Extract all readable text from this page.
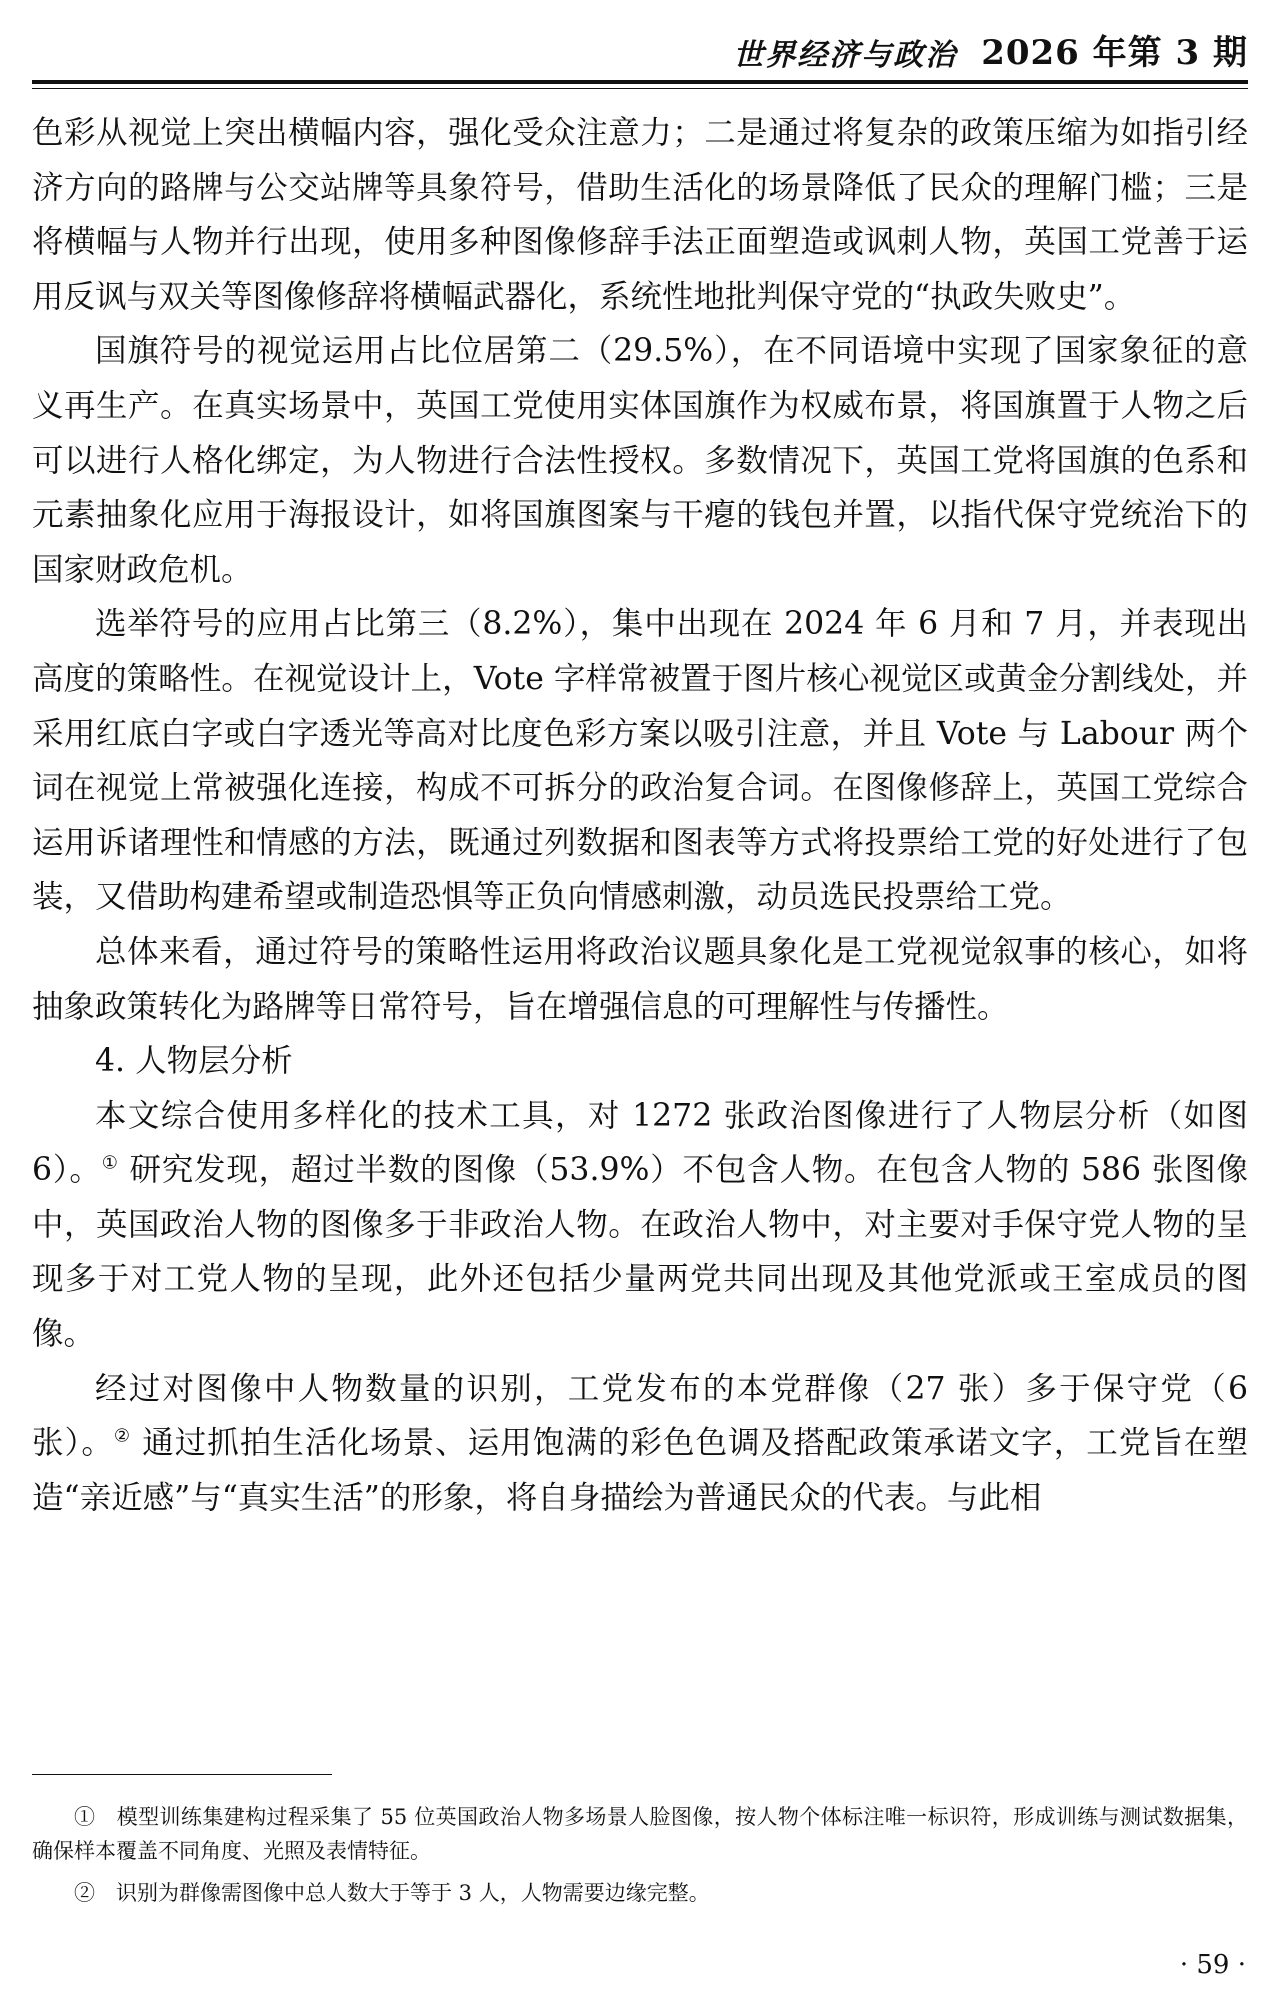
世界经济与政治 2026 年第 3 期

色彩从视觉上突出横幅内容，强化受众注意力；二是通过将复杂的政策压缩为如指引经济方向的路牌与公交站牌等具象符号，借助生活化的场景降低了民众的理解门槛；三是将横幅与人物并行出现，使用多种图像修辞手法正面塑造或讽刺人物，英国工党善于运用反讽与双关等图像修辞将横幅武器化，系统性地批判保守党的“执政失败史”。

国旗符号的视觉运用占比位居第二（29.5%），在不同语境中实现了国家象征的意义再生产。在真实场景中，英国工党使用实体国旗作为权威布景，将国旗置于人物之后可以进行人格化绑定，为人物进行合法性授权。多数情况下，英国工党将国旗的色系和元素抽象化应用于海报设计，如将国旗图案与干瘪的钱包并置，以指代保守党统治下的国家财政危机。

选举符号的应用占比第三（8.2%），集中出现在 2024 年 6 月和 7 月，并表现出高度的策略性。在视觉设计上，Vote 字样常被置于图片核心视觉区或黄金分割线处，并采用红底白字或白字透光等高对比度色彩方案以吸引注意，并且 Vote 与 Labour 两个词在视觉上常被强化连接，构成不可拆分的政治复合词。在图像修辞上，英国工党综合运用诉诸理性和情感的方法，既通过列数据和图表等方式将投票给工党的好处进行了包装，又借助构建希望或制造恐惧等正负向情感刺激，动员选民投票给工党。

总体来看，通过符号的策略性运用将政治议题具象化是工党视觉叙事的核心，如将抽象政策转化为路牌等日常符号，旨在增强信息的可理解性与传播性。

4. 人物层分析

本文综合使用多样化的技术工具，对 1272 张政治图像进行了人物层分析（如图 6）。① 研究发现，超过半数的图像（53.9%）不包含人物。在包含人物的 586 张图像中，英国政治人物的图像多于非政治人物。在政治人物中，对主要对手保守党人物的呈现多于对工党人物的呈现，此外还包括少量两党共同出现及其他党派或王室成员的图像。

经过对图像中人物数量的识别，工党发布的本党群像（27 张）多于保守党（6 张）。② 通过抓拍生活化场景、运用饱满的彩色色调及搭配政策承诺文字，工党旨在塑造“亲近感”与“真实生活”的形象，将自身描绘为普通民众的代表。与此相

①　模型训练集建构过程采集了 55 位英国政治人物多场景人脸图像，按人物个体标注唯一标识符，形成训练与测试数据集，确保样本覆盖不同角度、光照及表情特征。

②　识别为群像需图像中总人数大于等于 3 人，人物需要边缘完整。

· 59 ·
